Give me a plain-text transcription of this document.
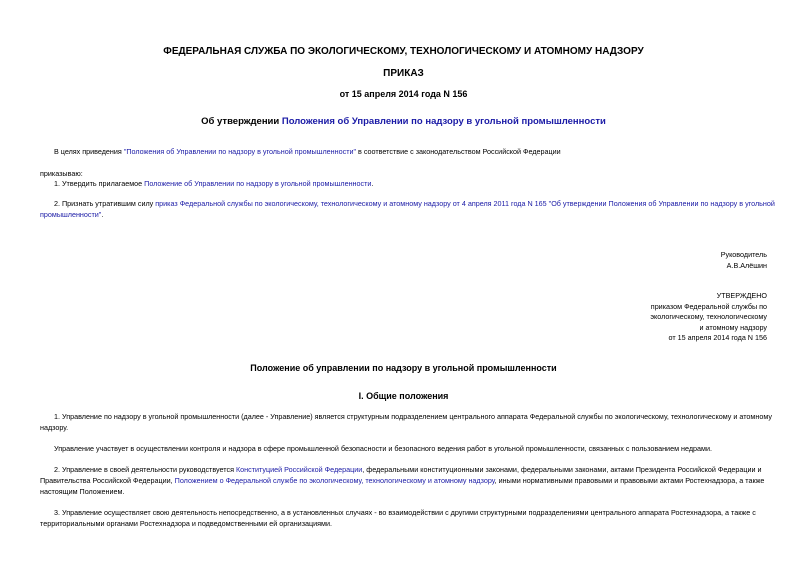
ФЕДЕРАЛЬНАЯ СЛУЖБА ПО ЭКОЛОГИЧЕСКОМУ, ТЕХНОЛОГИЧЕСКОМУ И АТОМНОМУ НАДЗОРУ
ПРИКАЗ
от 15 апреля 2014 года N 156
Об утверждении Положения об Управлении по надзору в угольной промышленности
В целях приведения "Положения об Управлении по надзору в угольной промышленности" в соответствие с законодательством Российской Федерации
приказываю:
1. Утвердить прилагаемое Положение об Управлении по надзору в угольной промышленности.
2. Признать утратившим силу приказ Федеральной службы по экологическому, технологическому и атомному надзору от 4 апреля 2011 года N 165 "Об утверждении Положения об Управлении по надзору в угольной
промышленности".
Руководитель
А.В.Алёшин
УТВЕРЖДЕНО
приказом Федеральной службы по
экологическому, технологическому
и атомному надзору
от 15 апреля 2014 года N 156
Положение об управлении по надзору в угольной промышленности
I. Общие положения
1. Управление по надзору в угольной промышленности (далее - Управление) является структурным подразделением центрального аппарата Федеральной службы по экологическому, технологическому и атомному
надзору.
Управление участвует в осуществлении контроля и надзора в сфере промышленной безопасности и безопасного ведения работ в угольной промышленности, связанных с пользованием недрами.
2. Управление в своей деятельности руководствуется Конституцией Российской Федерации, федеральными конституционными законами, федеральными законами, актами Президента Российской Федерации и
Правительства Российской Федерации, Положением о Федеральной службе по экологическому, технологическому и атомному надзору, иными нормативными правовыми и правовыми актами Ростехнадзора, а также
настоящим Положением.
3. Управление осуществляет свою деятельность непосредственно, а в установленных случаях - во взаимодействии с другими структурными подразделениями центрального аппарата Ростехнадзора, а также с
территориальными органами Ростехнадзора и подведомственными ей организациями.
